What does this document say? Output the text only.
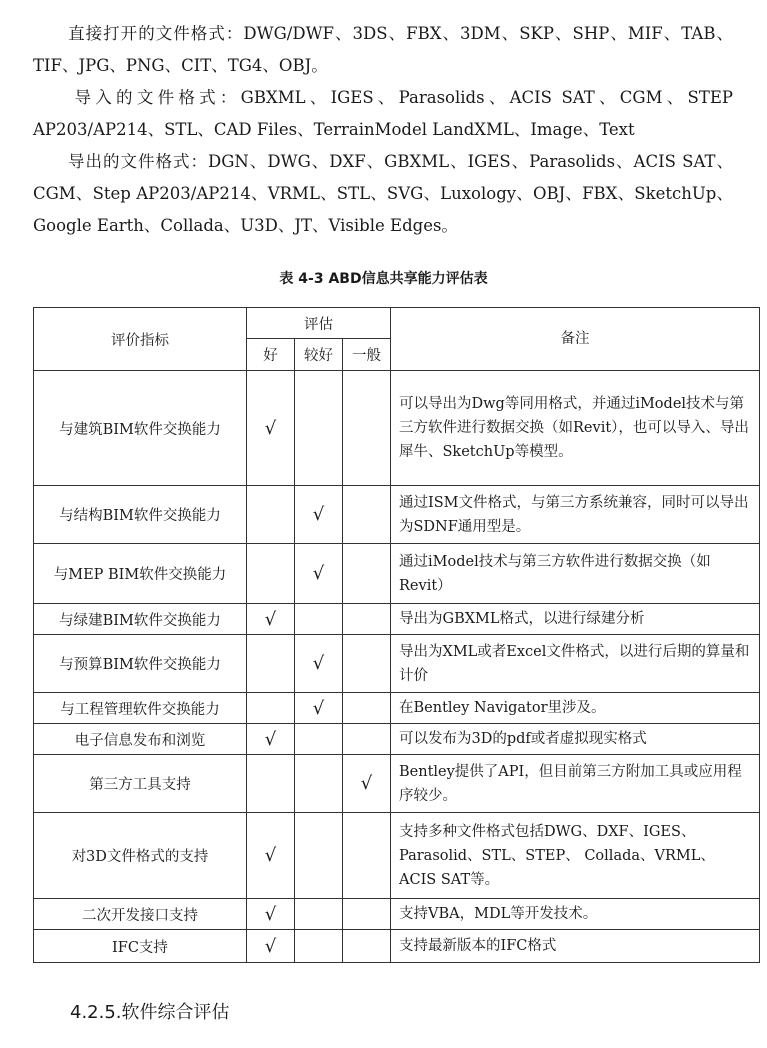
　　直接打开的文件格式：DWG/DWF、3DS、FBX、3DM、SKP、SHP、MIF、TAB、TIF、JPG、PNG、CIT、TG4、OBJ。

　　导入的文件格式：GBXML、IGES、Parasolids、ACIS SAT、CGM、STEP AP203/AP214、STL、CAD Files、TerrainModel LandXML、Image、Text

　　导出的文件格式：DGN、DWG、DXF、GBXML、IGES、Parasolids、ACIS SAT、CGM、Step AP203/AP214、VRML、STL、SVG、Luxology、OBJ、FBX、SketchUp、Google Earth、Collada、U3D、JT、Visible Edges。

表 4-3 ABD信息共享能力评估表

评价指标	评估			备注
	好	较好	一般	
与建筑BIM软件交换能力	√			可以导出为Dwg等同用格式，并通过iModel技术与第三方软件进行数据交换（如Revit），也可以导入、导出犀牛、SketchUp等模型。
与结构BIM软件交换能力		√		通过ISM文件格式，与第三方系统兼容，同时可以导出为SDNF通用型是。
与MEP BIM软件交换能力		√		通过iModel技术与第三方软件进行数据交换（如Revit）
与绿建BIM软件交换能力	√			导出为GBXML格式，以进行绿建分析
与预算BIM软件交换能力		√		导出为XML或者Excel文件格式，以进行后期的算量和计价
与工程管理软件交换能力		√		在Bentley Navigator里涉及。
电子信息发布和浏览	√			可以发布为3D的pdf或者虚拟现实格式
第三方工具支持			√	Bentley提供了API，但目前第三方附加工具或应用程序较少。
对3D文件格式的支持	√			支持多种文件格式包括DWG、DXF、IGES、Parasolid、STL、STEP、 Collada、VRML、ACIS SAT等。
二次开发接口支持	√			支持VBA，MDL等开发技术。
IFC支持	√			支持最新版本的IFC格式
4.2.5.软件综合评估
